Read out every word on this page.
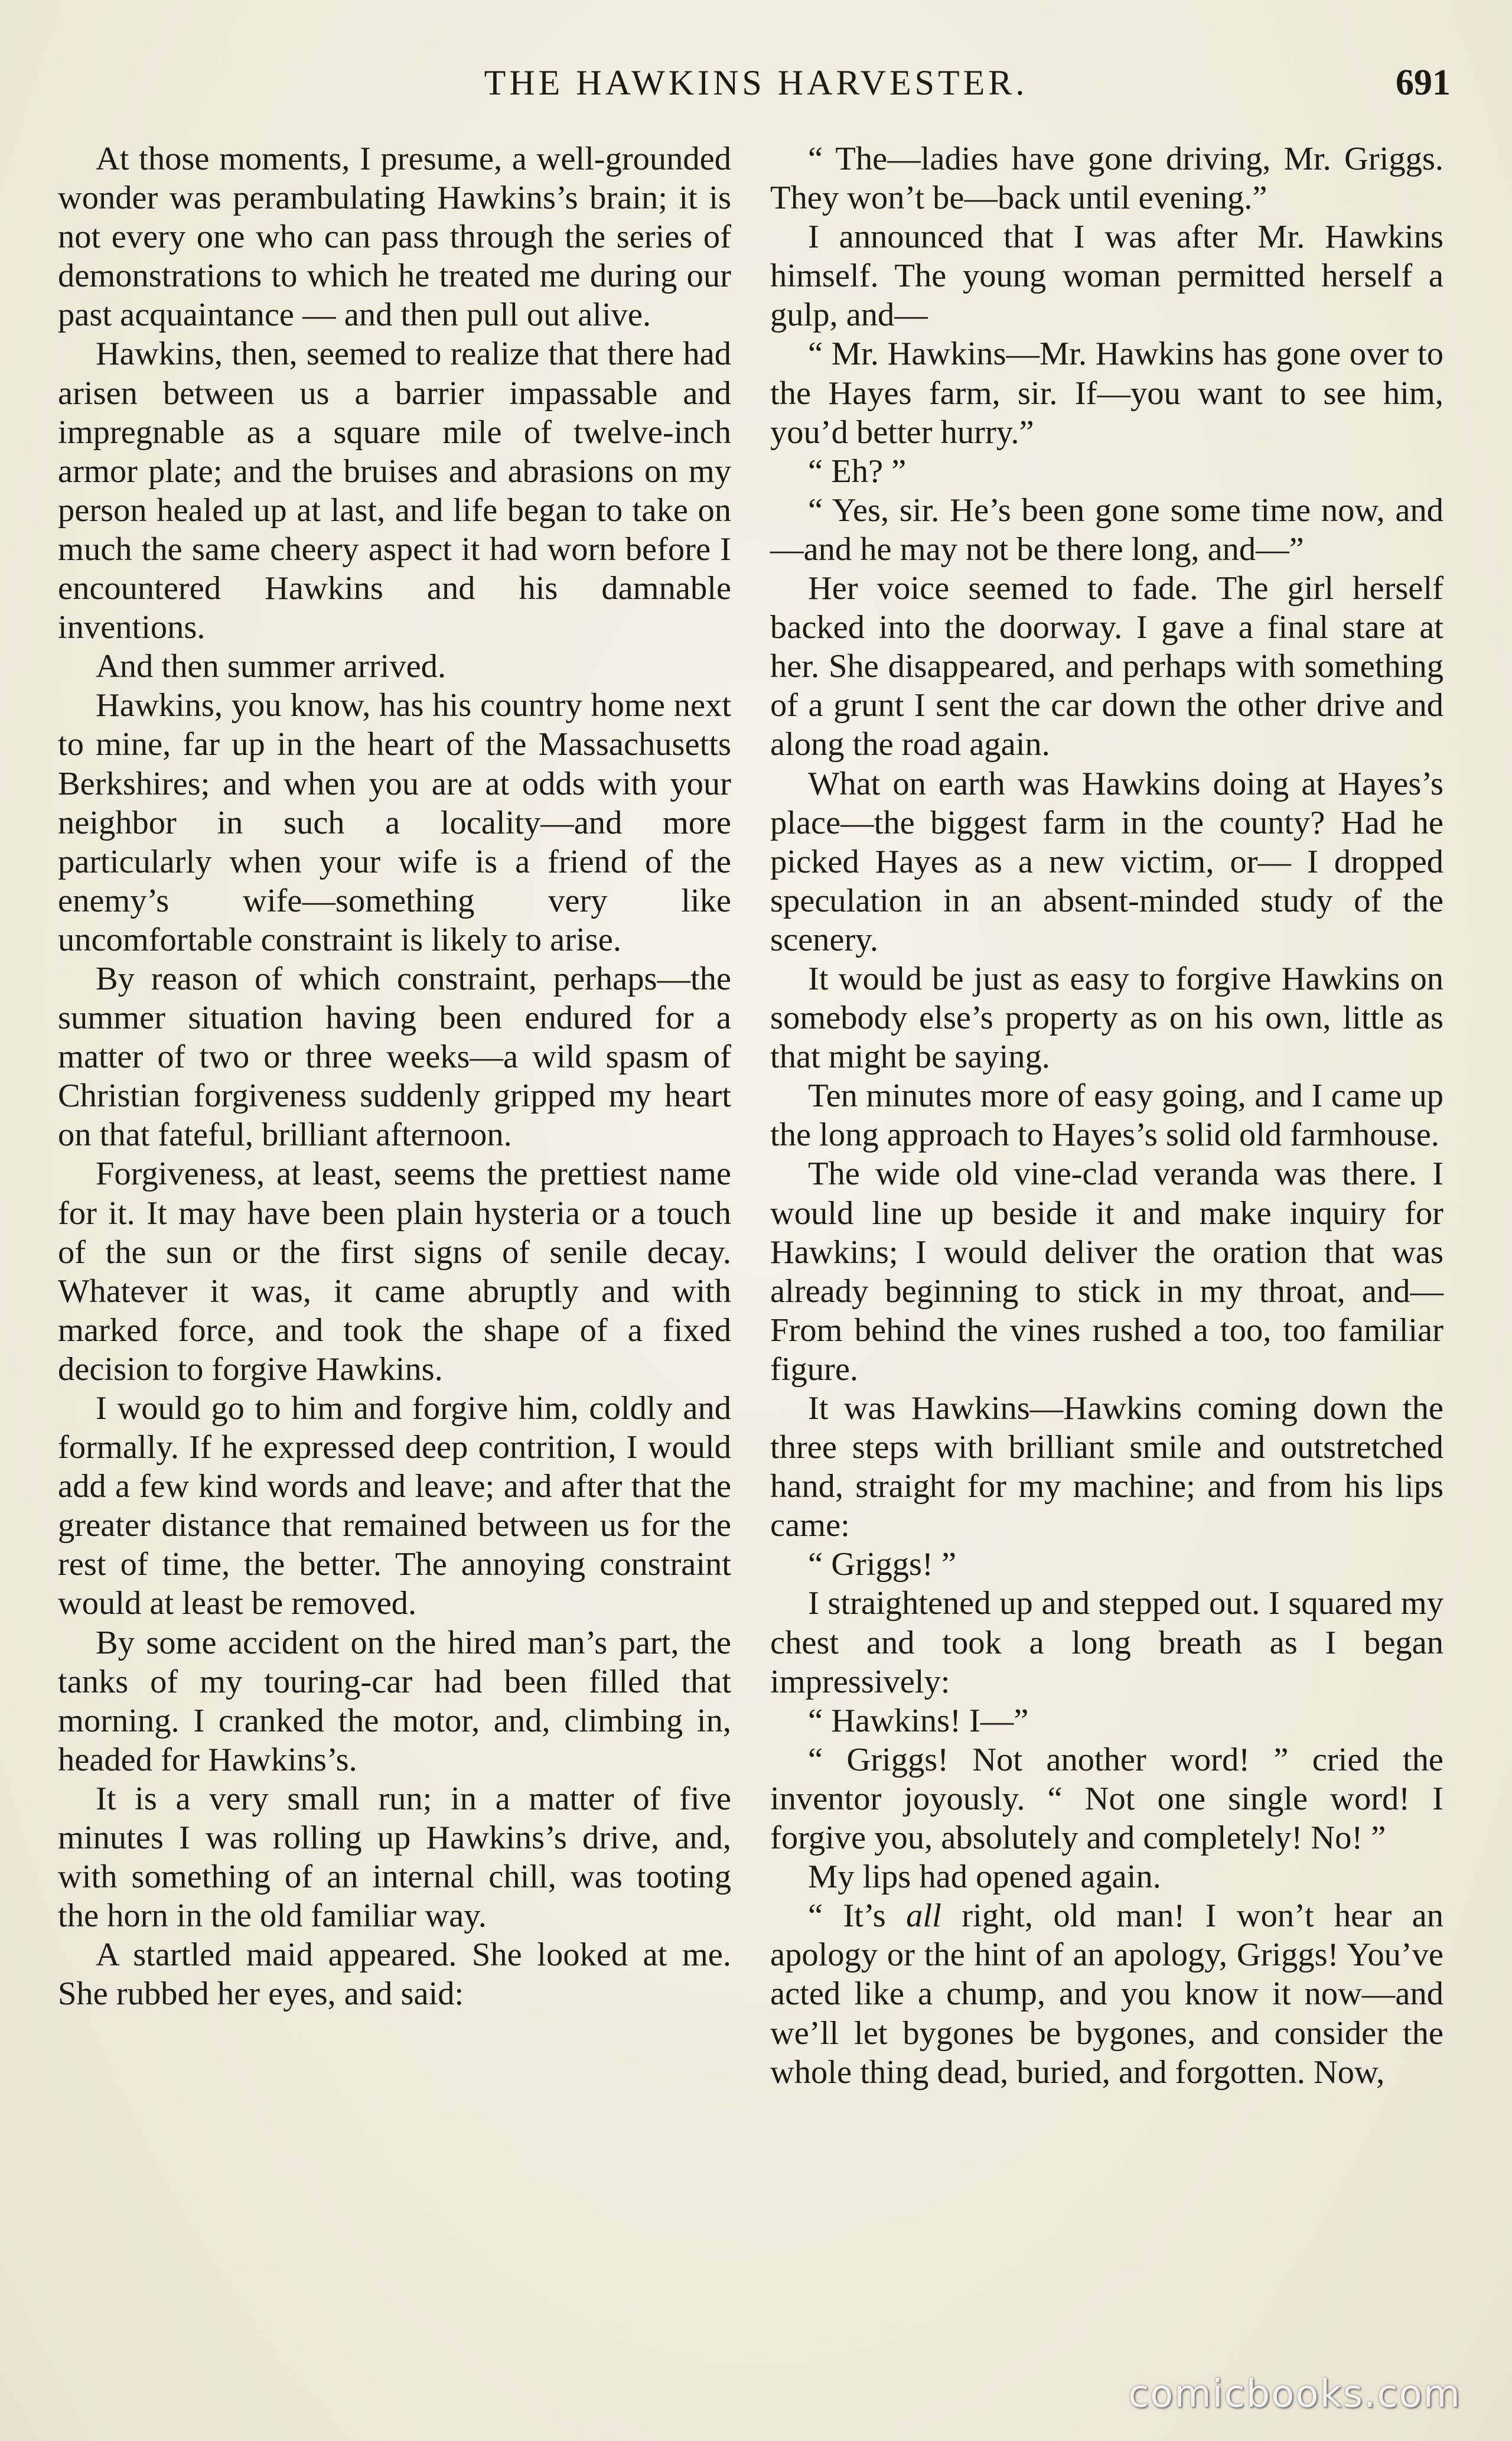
THE HAWKINS HARVESTER.	691

At those moments, I presume, a well-grounded wonder was perambulating Hawkins’s brain; it is not every one who can pass through the series of demonstrations to which he treated me during our past acquaintance — and then pull out alive.

Hawkins, then, seemed to realize that there had arisen between us a barrier impassable and impregnable as a square mile of twelve-inch armor plate; and the bruises and abrasions on my person healed up at last, and life began to take on much the same cheery aspect it had worn before I encountered Hawkins and his damnable inventions.

And then summer arrived.

Hawkins, you know, has his country home next to mine, far up in the heart of the Massachusetts Berkshires; and when you are at odds with your neighbor in such a locality—and more particularly when your wife is a friend of the enemy’s wife—something very like uncomfortable constraint is likely to arise.

By reason of which constraint, perhaps—the summer situation having been endured for a matter of two or three weeks—a wild spasm of Christian forgiveness suddenly gripped my heart on that fateful, brilliant afternoon.

Forgiveness, at least, seems the prettiest name for it. It may have been plain hysteria or a touch of the sun or the first signs of senile decay. Whatever it was, it came abruptly and with marked force, and took the shape of a fixed decision to forgive Hawkins.

I would go to him and forgive him, coldly and formally. If he expressed deep contrition, I would add a few kind words and leave; and after that the greater distance that remained between us for the rest of time, the better. The annoying constraint would at least be removed.

By some accident on the hired man’s part, the tanks of my touring-car had been filled that morning. I cranked the motor, and, climbing in, headed for Hawkins’s.

It is a very small run; in a matter of five minutes I was rolling up Hawkins’s drive, and, with something of an internal chill, was tooting the horn in the old familiar way.

A startled maid appeared. She looked at me. She rubbed her eyes, and said:

“ The—ladies have gone driving, Mr. Griggs. They won’t be—back until evening.”

I announced that I was after Mr. Hawkins himself. The young woman permitted herself a gulp, and—

“ Mr. Hawkins—Mr. Hawkins has gone over to the Hayes farm, sir. If—you want to see him, you’d better hurry.”

“ Eh? ”

“ Yes, sir. He’s been gone some time now, and—and he may not be there long, and—”

Her voice seemed to fade. The girl herself backed into the doorway. I gave a final stare at her. She disappeared, and perhaps with something of a grunt I sent the car down the other drive and along the road again.

What on earth was Hawkins doing at Hayes’s place—the biggest farm in the county? Had he picked Hayes as a new victim, or— I dropped speculation in an absent-minded study of the scenery.

It would be just as easy to forgive Hawkins on somebody else’s property as on his own, little as that might be saying.

Ten minutes more of easy going, and I came up the long approach to Hayes’s solid old farmhouse.

The wide old vine-clad veranda was there. I would line up beside it and make inquiry for Hawkins; I would deliver the oration that was already beginning to stick in my throat, and— From behind the vines rushed a too, too familiar figure.

It was Hawkins—Hawkins coming down the three steps with brilliant smile and outstretched hand, straight for my machine; and from his lips came:

“ Griggs! ”

I straightened up and stepped out. I squared my chest and took a long breath as I began impressively:

“ Hawkins! I—”

“ Griggs! Not another word! ” cried the inventor joyously. “ Not one single word! I forgive you, absolutely and completely! No! ”

My lips had opened again.

“ It’s all right, old man! I won’t hear an apology or the hint of an apology, Griggs! You’ve acted like a chump, and you know it now—and we’ll let bygones be bygones, and consider the whole thing dead, buried, and forgotten. Now,

comicbooks.com
